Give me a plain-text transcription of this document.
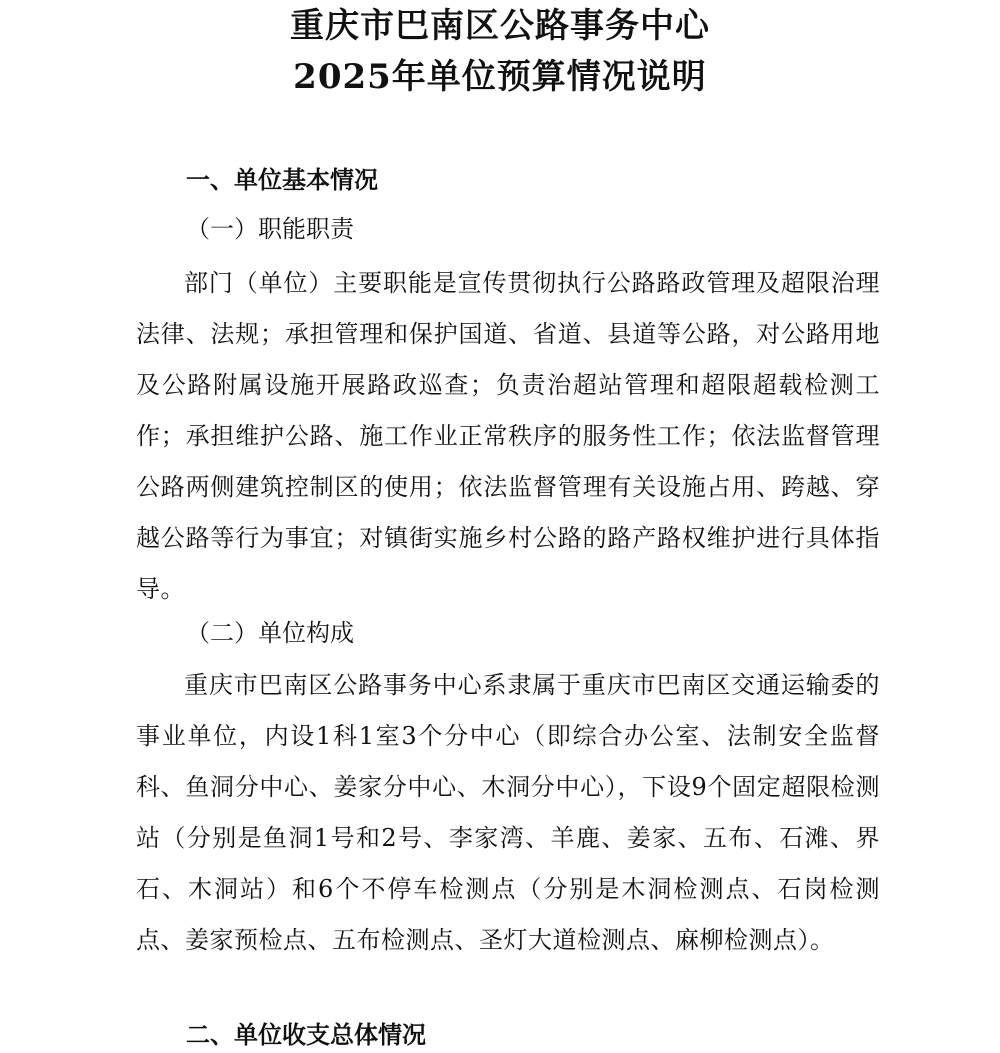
重庆市巴南区公路事务中心
2025年单位预算情况说明
一、单位基本情况
（一）职能职责
部门（单位）主要职能是宣传贯彻执行公路路政管理及超限治理法律、法规；承担管理和保护国道、省道、县道等公路，对公路用地及公路附属设施开展路政巡查；负责治超站管理和超限超载检测工作；承担维护公路、施工作业正常秩序的服务性工作；依法监督管理公路两侧建筑控制区的使用；依法监督管理有关设施占用、跨越、穿越公路等行为事宜；对镇街实施乡村公路的路产路权维护进行具体指导。
（二）单位构成
重庆市巴南区公路事务中心系隶属于重庆市巴南区交通运输委的事业单位，内设1科1室3个分中心（即综合办公室、法制安全监督科、鱼洞分中心、姜家分中心、木洞分中心），下设9个固定超限检测站（分别是鱼洞1号和2号、李家湾、羊鹿、姜家、五布、石滩、界石、木洞站）和6个不停车检测点（分别是木洞检测点、石岗检测点、姜家预检点、五布检测点、圣灯大道检测点、麻柳检测点）。
二、单位收支总体情况
